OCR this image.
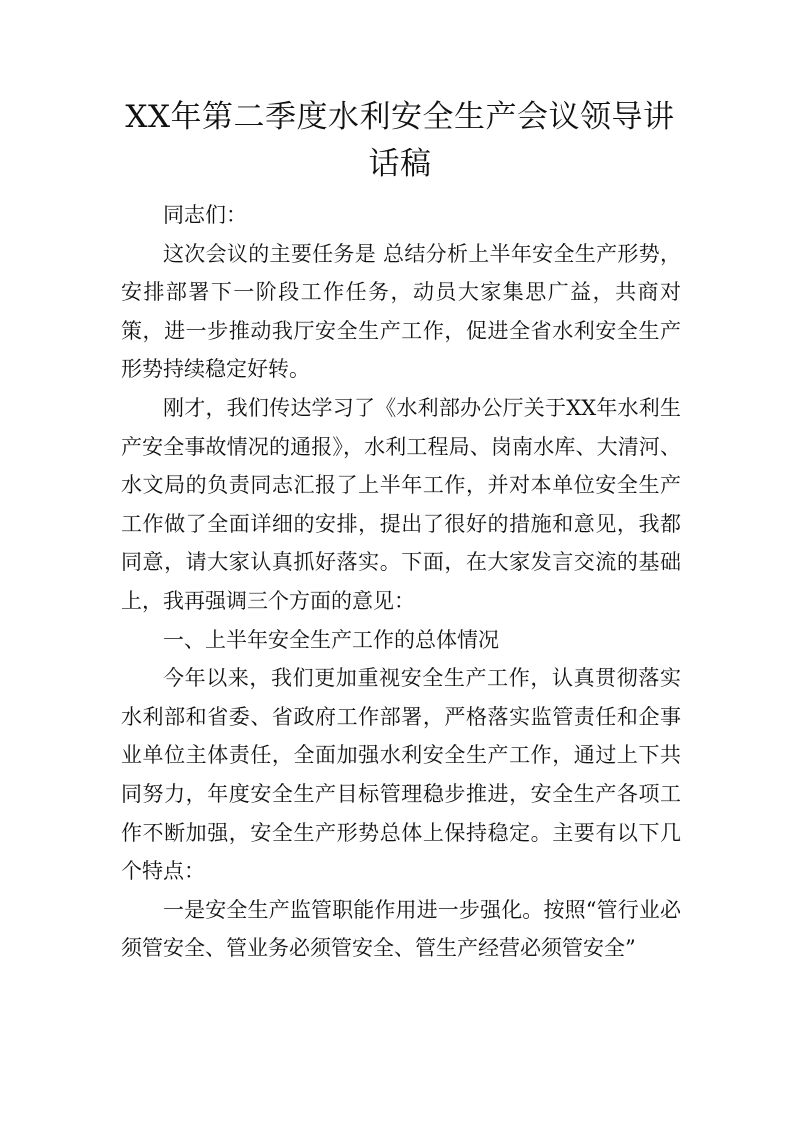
XX年第二季度水利安全生产会议领导讲话稿

同志们：

这次会议的主要任务是 总结分析上半年安全生产形势，安排部署下一阶段工作任务，动员大家集思广益，共商对策，进一步推动我厅安全生产工作，促进全省水利安全生产形势持续稳定好转。

刚才，我们传达学习了《水利部办公厅关于XX年水利生产安全事故情况的通报》，水利工程局、岗南水库、大清河、水文局的负责同志汇报了上半年工作，并对本单位安全生产工作做了全面详细的安排，提出了很好的措施和意见，我都同意，请大家认真抓好落实。下面，在大家发言交流的基础上，我再强调三个方面的意见：

一、上半年安全生产工作的总体情况

今年以来，我们更加重视安全生产工作，认真贯彻落实水利部和省委、省政府工作部署，严格落实监管责任和企事业单位主体责任，全面加强水利安全生产工作，通过上下共同努力，年度安全生产目标管理稳步推进，安全生产各项工作不断加强，安全生产形势总体上保持稳定。主要有以下几个特点：

一是安全生产监管职能作用进一步强化。按照“管行业必须管安全、管业务必须管安全、管生产经营必须管安全”
